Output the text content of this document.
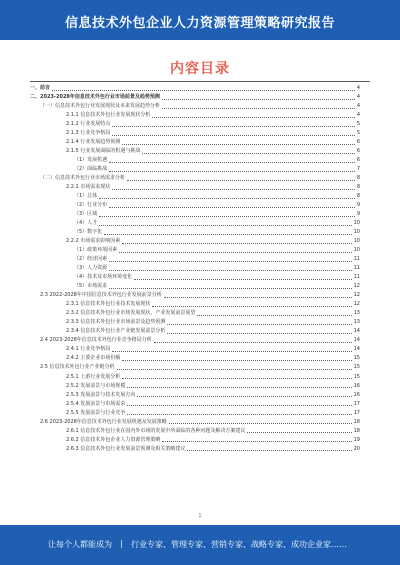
信息技术外包企业人力资源管理策略研究报告
内容目录
一、前言	4
二、2023-2028年信息技术外包行业市场前景及趋势预测	4
（一）信息技术外包行业发展现状及未来发展趋势分析	4
2.1.1 信息技术外包行业发展现状分析	4
2.1.2 行业发展特点	5
2.1.3 行业竞争格局	5
2.1.4 行业发展趋势预测	6
2.1.5 行业发展面临的机遇与挑战	6
（1）发展机遇	6
（2）面临挑战	7
（二）信息技术外包行业市场需求分析	8
2.2.1 市场需求现状	8
（1）总体	8
（2）行业分布	9
（3）区域	9
（4）人才	10
（5）数字化	10
2.2.2 市场需求影响因素	10
（1）政策环境因素	10
（2）经济因素	11
（3）人力资源	11
（4）技术及市场环境变化	11
（5）市场需求	12
2.3 2022-2028年中国信息技术外包行业发展前景分析	12
2.3.1 信息技术外包行业技术发展现状	12
2.3.2 信息技术外包行业市场发展现状，产业发展前景展望	13
2.3.3 信息技术外包行业市场前景及趋势预测	13
2.3.4 信息技术外包行业产业链发展前景分析	14
2.4 2023-2028年信息技术外包行业竞争格局分析	14
2.4.1 行业竞争格局	14
2.4.2 主要企业市场份额	15
2.5 信息技术外包行业产业链分析	15
2.5.1 上游行业发展分析	15
2.5.2 发展前景与市场规模	16
2.5.3 发展前景与技术发展方向	16
2.5.4 发展前景与市场需求	17
2.5.5 发展前景与行业竞争	17
2.6 2023-2028年信息技术外包行业发展机遇及发展策略	18
2.6.1 信息技术外包行业在国内外市场的发展中所面临的各种问题及解决方案建议	18
2.6.2 信息技术外包企业人力资源管理策略	19
2.6.3 信息技术外包行业发展前景预测及相关策略建议	20
1
让每个人都能成为 | 行业专家、管理专家、营销专家、战略专家、成功企业家……
